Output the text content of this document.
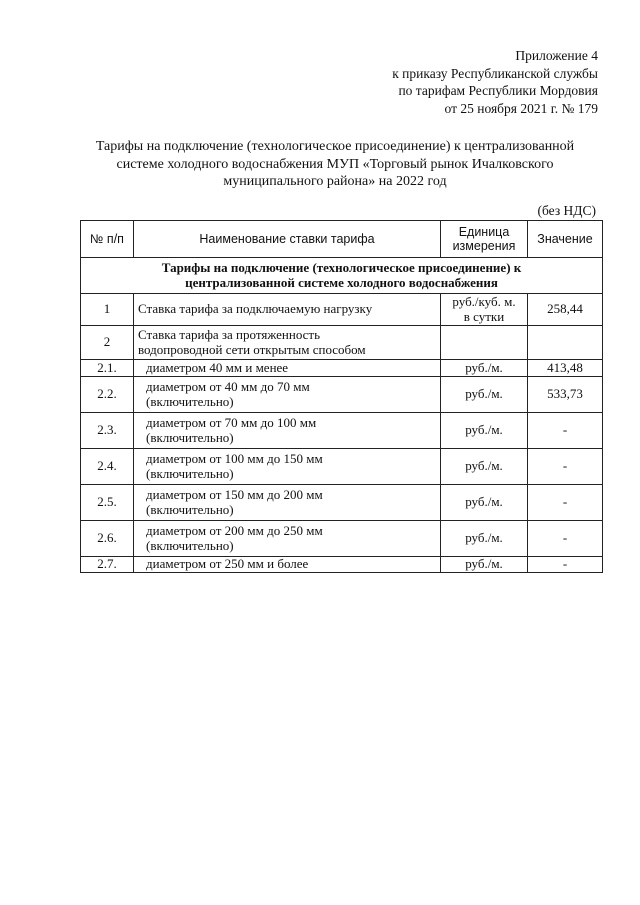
Приложение 4
к приказу Республиканской службы
по тарифам Республики Мордовия
от 25 ноября 2021 г. № 179
Тарифы на подключение (технологическое присоединение) к централизованной
системе холодного водоснабжения МУП «Торговый рынок Ичалковского
муниципального района» на 2022 год
(без НДС)
№ п/п	Наименование ставки тарифа	Единица
измерения	Значение

Тарифы на подключение (технологическое присоединение) к
централизованной системе холодного водоснабжения			

1	Ставка тарифа за подключаемую нагрузку	руб./куб. м.
в сутки	258,44
2	Ставка тарифа за протяженность
водопроводной сети открытым способом		

2.1.	диаметром 40 мм и менее	руб./м.	413,48
2.2.	диаметром от 40 мм до 70 мм
(включительно)	руб./м.	533,73
2.3.	диаметром от 70 мм до 100 мм
(включительно)	руб./м.	-
2.4.	диаметром от 100 мм до 150 мм
(включительно)	руб./м.	-
2.5.	диаметром от 150 мм до 200 мм
(включительно)	руб./м.	-
2.6.	диаметром от 200 мм до 250 мм
(включительно)	руб./м.	-
2.7.	диаметром от 250 мм и более	руб./м.	-
